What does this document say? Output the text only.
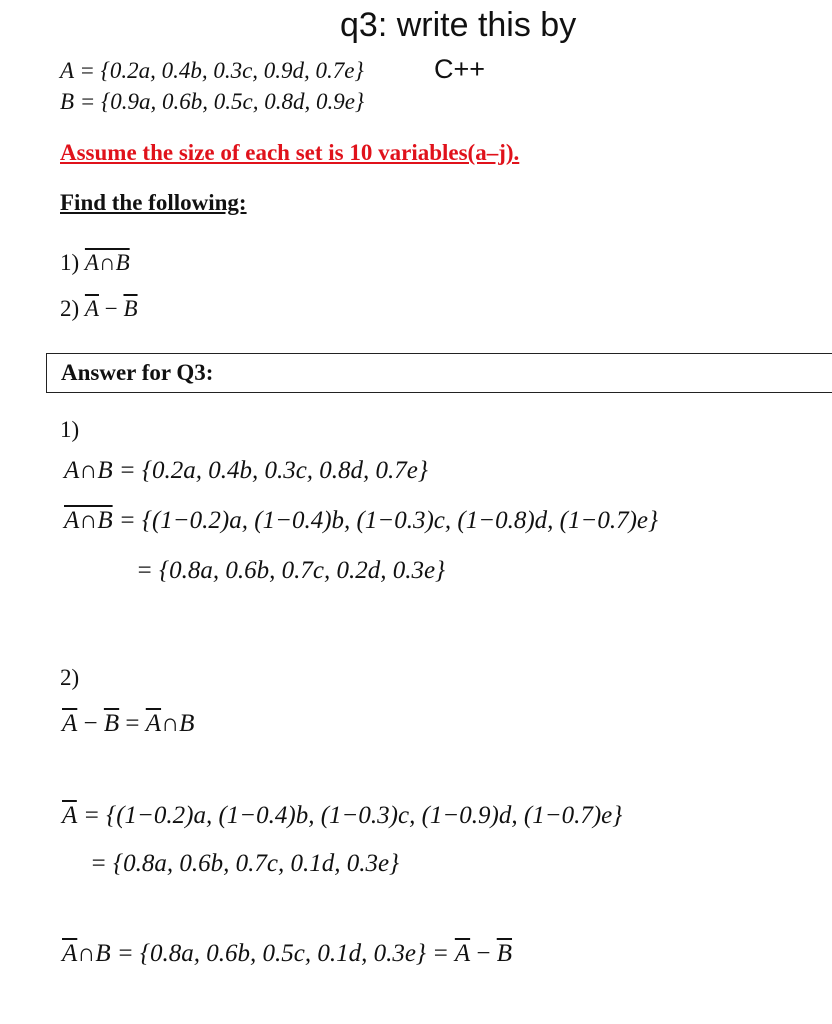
q3: write this by
C++
A = {0.2a, 0.4b, 0.3c, 0.9d, 0.7e}
B = {0.9a, 0.6b, 0.5c, 0.8d, 0.9e}
Assume the size of each set is 10 variables(a–j).
Find the following:
1) A∩B
2) $\overline{A} - \overline{B}$
Answer for Q3:
1)
A∩B = {0.2a, 0.4b, 0.3c, 0.8d, 0.7e}
A∩B = {(1−0.2)a, (1−0.4)b, (1−0.3)c, (1−0.8)d, (1−0.7)e}
= {0.8a, 0.6b, 0.7c, 0.2d, 0.3e}
2)
$\overline{A} - \overline{B}$ = $\overline{A}\cap B$
$\overline{A} = \{(1-0.2)a$, (1−0.4)b, (1−0.3)c, (1−0.9)d, (1−0.7)e}
= {0.8a, 0.6b, 0.7c, 0.1d, 0.3e}
$\overline{A}\cap B = \{0.8a$, 0.6b, 0.5c, 0.1d, $0.3e\} = \overline{A} - \overline{B}$
